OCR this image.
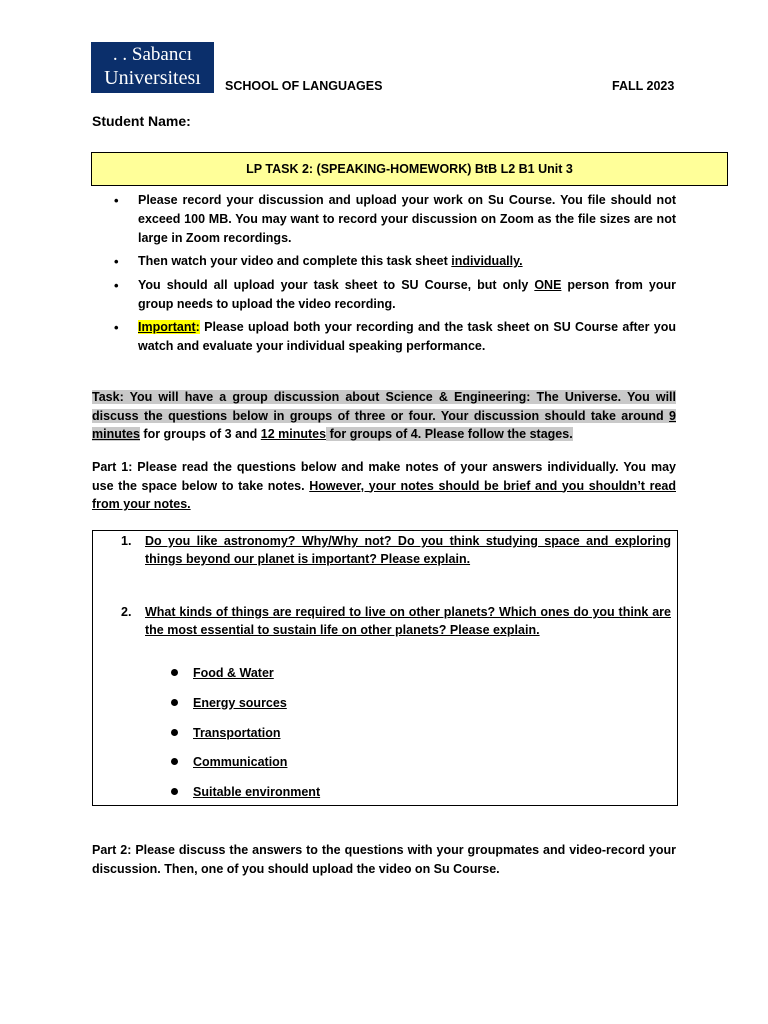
. . Sabancı
Universitesı	SCHOOL OF LANGUAGES	FALL 2023
Student Name:
LP TASK 2: (SPEAKING-HOMEWORK) BtB L2 B1 Unit 3
• Please record your discussion and upload your work on Su Course. You file should not exceed 100 MB. You may want to record your discussion on Zoom as the file sizes are not large in Zoom recordings.
• Then watch your video and complete this task sheet individually.
• You should all upload your task sheet to SU Course, but only ONE person from your group needs to upload the video recording.
• Important: Please upload both your recording and the task sheet on SU Course after you watch and evaluate your individual speaking performance.
Task: You will have a group discussion about Science & Engineering: The Universe. You will discuss the questions below in groups of three or four. Your discussion should take around 9 minutes for groups of 3 and 12 minutes for groups of 4. Please follow the stages.
Part 1: Please read the questions below and make notes of your answers individually. You may use the space below to take notes. However, your notes should be brief and you shouldn’t read from your notes.
1.	Do you like astronomy? Why/Why not? Do you think studying space and exploring things beyond our planet is important? Please explain.
2.	What kinds of things are required to live on other planets? Which ones do you think are the most essential to sustain life on other planets? Please explain.
Food & Water
Energy sources
Transportation
Communication
Suitable environment
Part 2: Please discuss the answers to the questions with your groupmates and video-record your discussion. Then, one of you should upload the video on Su Course.
